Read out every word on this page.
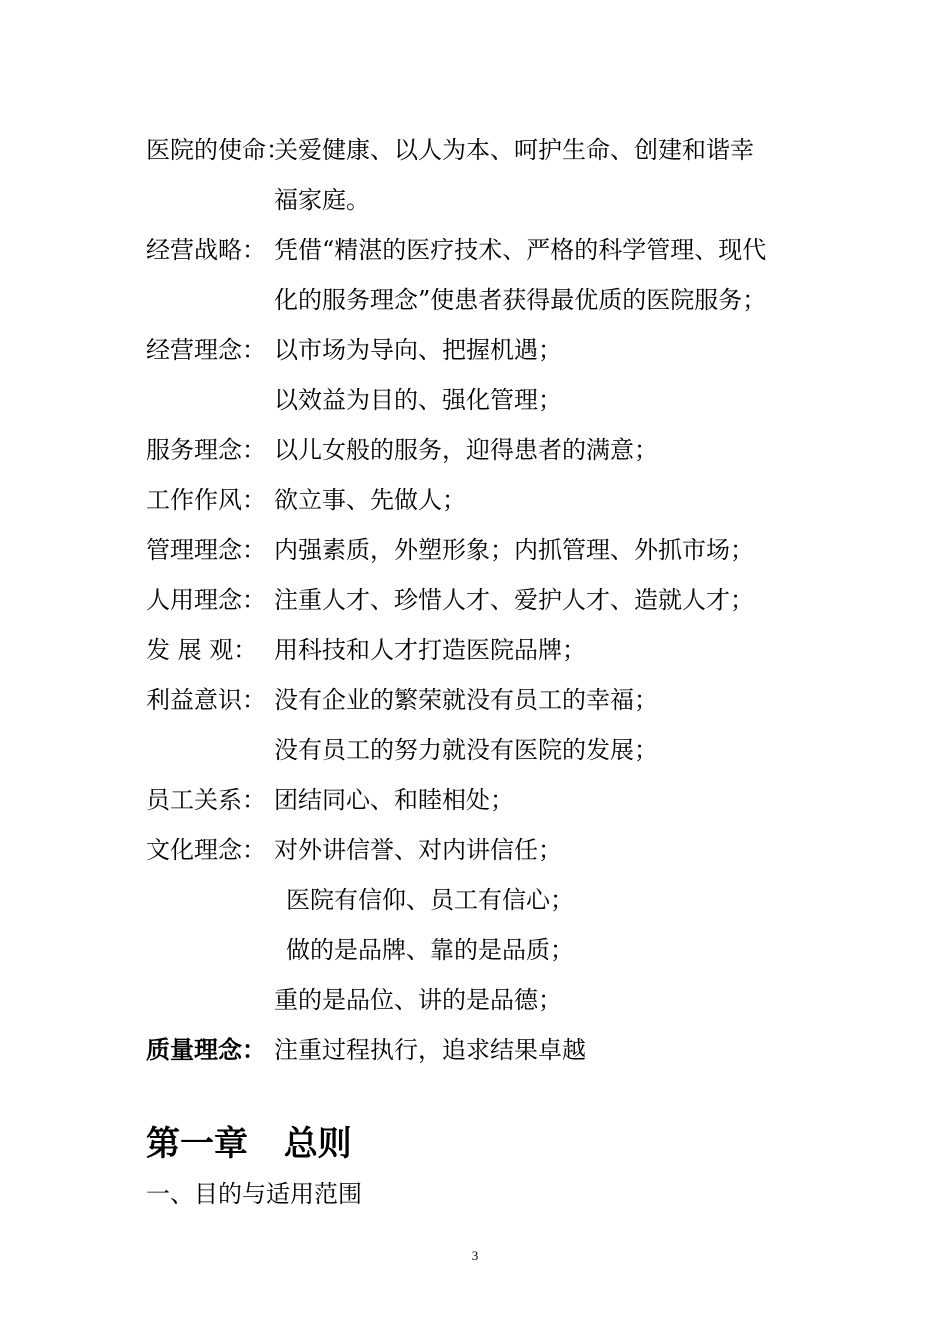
医院的使命：关爱健康、以人为本、呵护生命、创建和谐幸
福家庭。
经营战略： 凭借“精湛的医疗技术、严格的科学管理、现代
化的服务理念”使患者获得最优质的医院服务；
经营理念： 以市场为导向、把握机遇；
以效益为目的、强化管理；
服务理念： 以儿女般的服务，迎得患者的满意；
工作作风： 欲立事、先做人；
管理理念： 内强素质，外塑形象；内抓管理、外抓市场；
人用理念： 注重人才、珍惜人才、爱护人才、造就人才；
发 展 观： 用科技和人才打造医院品牌；
利益意识： 没有企业的繁荣就没有员工的幸福；
没有员工的努力就没有医院的发展；
员工关系： 团结同心、和睦相处；
文化理念： 对外讲信誉、对内讲信任；
医院有信仰、员工有信心；
做的是品牌、靠的是品质；
重的是品位、讲的是品德；
质量理念： 注重过程执行，追求结果卓越
第一章 总则
一、目的与适用范围
3
